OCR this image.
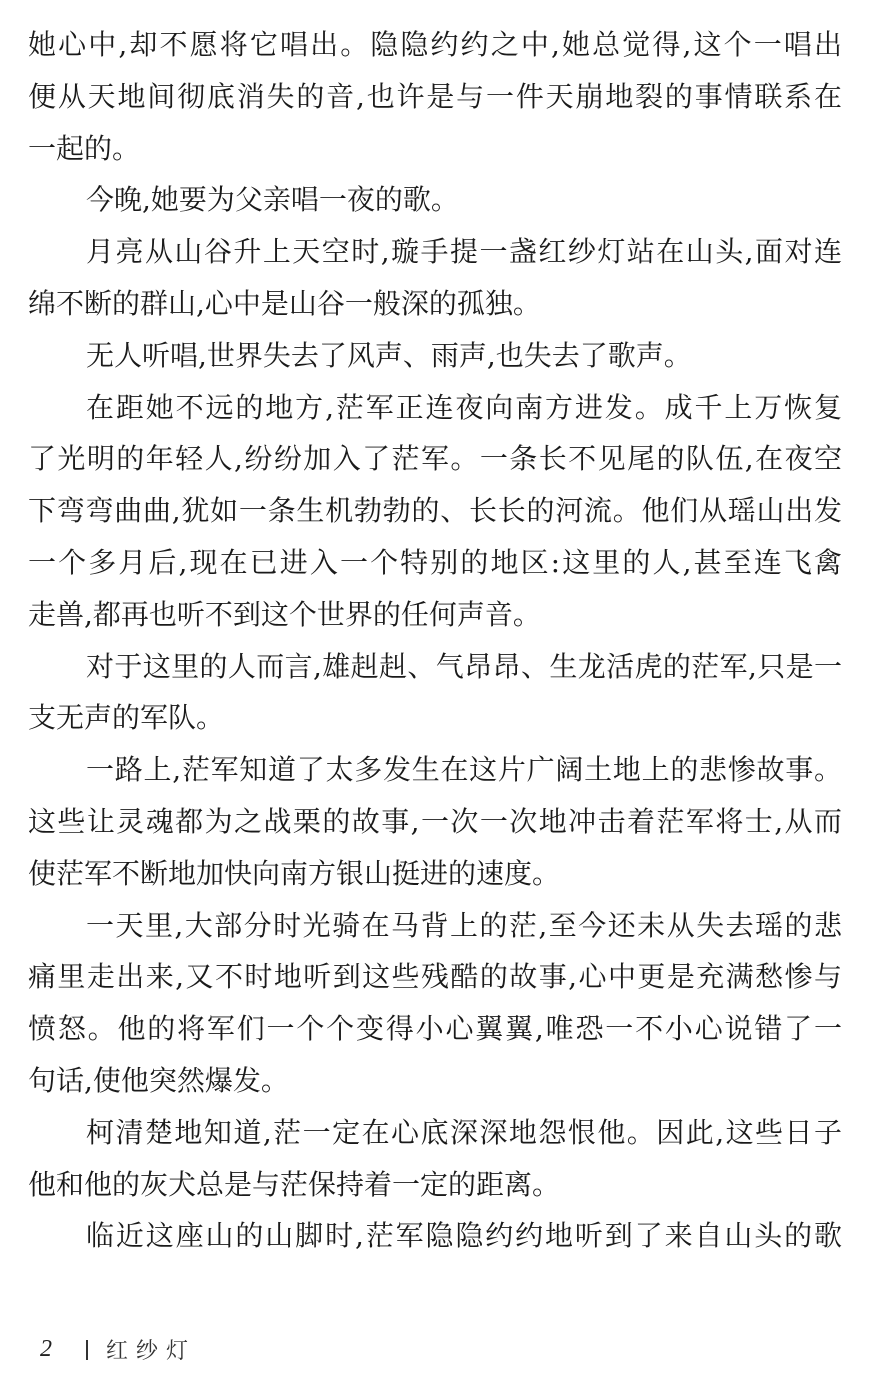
她心中,却不愿将它唱出。隐隐约约之中,她总觉得,这个一唱出
便从天地间彻底消失的音,也许是与一件天崩地裂的事情联系在
一起的。
今晚,她要为父亲唱一夜的歌。
月亮从山谷升上天空时,璇手提一盏红纱灯站在山头,面对连
绵不断的群山,心中是山谷一般深的孤独。
无人听唱,世界失去了风声、雨声,也失去了歌声。
在距她不远的地方,茫军正连夜向南方进发。成千上万恢复
了光明的年轻人,纷纷加入了茫军。一条长不见尾的队伍,在夜空
下弯弯曲曲,犹如一条生机勃勃的、长长的河流。他们从瑶山出发
一个多月后,现在已进入一个特别的地区:这里的人,甚至连飞禽
走兽,都再也听不到这个世界的任何声音。
对于这里的人而言,雄赳赳、气昂昂、生龙活虎的茫军,只是一
支无声的军队。
一路上,茫军知道了太多发生在这片广阔土地上的悲惨故事。
这些让灵魂都为之战栗的故事,一次一次地冲击着茫军将士,从而
使茫军不断地加快向南方银山挺进的速度。
一天里,大部分时光骑在马背上的茫,至今还未从失去瑶的悲
痛里走出来,又不时地听到这些残酷的故事,心中更是充满愁惨与
愤怒。他的将军们一个个变得小心翼翼,唯恐一不小心说错了一
句话,使他突然爆发。
柯清楚地知道,茫一定在心底深深地怨恨他。因此,这些日子
他和他的灰犬总是与茫保持着一定的距离。
临近这座山的山脚时,茫军隐隐约约地听到了来自山头的歌
2	红纱灯
